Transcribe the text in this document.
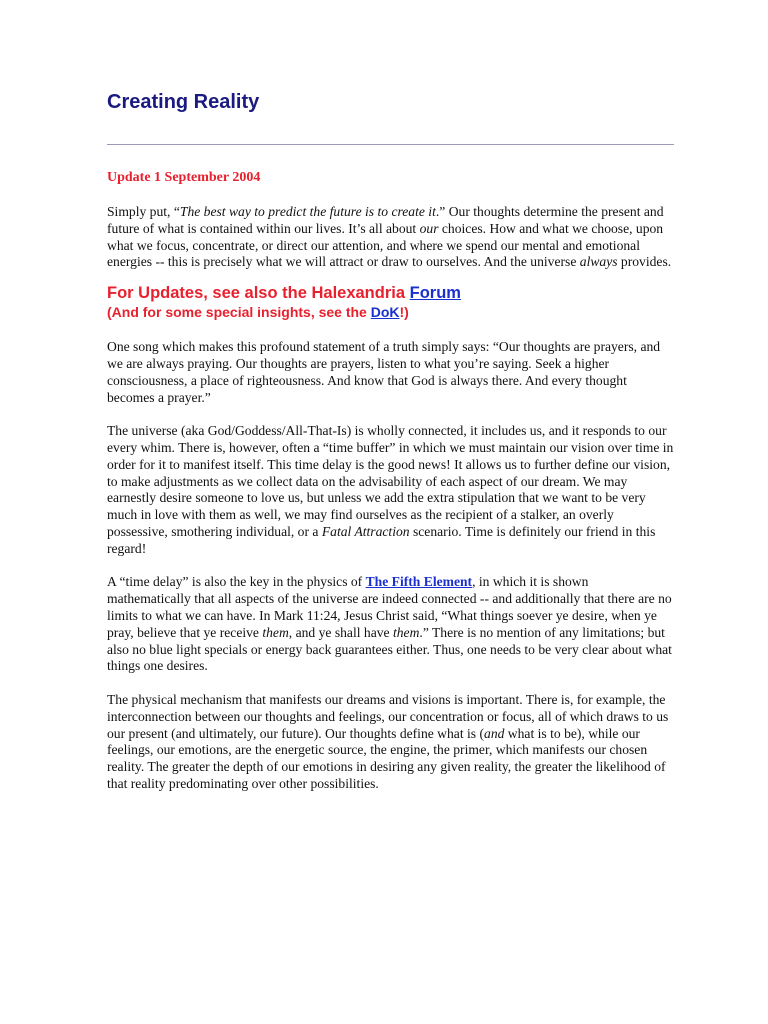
Creating Reality
Update 1 September 2004

Simply put, “The best way to predict the future is to create it.” Our thoughts determine the present and future of what is contained within our lives. It’s all about our choices. How and what we choose, upon what we focus, concentrate, or direct our attention, and where we spend our mental and emotional energies -- this is precisely what we will attract or draw to ourselves. And the universe always provides.

For Updates, see also the Halexandria Forum
(And for some special insights, see the DoK!)

One song which makes this profound statement of a truth simply says: “Our thoughts are prayers, and we are always praying. Our thoughts are prayers, listen to what you’re saying. Seek a higher consciousness, a place of righteousness. And know that God is always there. And every thought becomes a prayer.”

The universe (aka God/Goddess/All-That-Is) is wholly connected, it includes us, and it responds to our every whim. There is, however, often a “time buffer” in which we must maintain our vision over time in order for it to manifest itself. This time delay is the good news! It allows us to further define our vision, to make adjustments as we collect data on the advisability of each aspect of our dream. We may earnestly desire someone to love us, but unless we add the extra stipulation that we want to be very much in love with them as well, we may find ourselves as the recipient of a stalker, an overly possessive, smothering individual, or a Fatal Attraction scenario. Time is definitely our friend in this regard!

A “time delay” is also the key in the physics of The Fifth Element, in which it is shown mathematically that all aspects of the universe are indeed connected -- and additionally that there are no limits to what we can have. In Mark 11:24, Jesus Christ said, “What things soever ye desire, when ye pray, believe that ye receive them, and ye shall have them.” There is no mention of any limitations; but also no blue light specials or energy back guarantees either. Thus, one needs to be very clear about what things one desires.

The physical mechanism that manifests our dreams and visions is important. There is, for example, the interconnection between our thoughts and feelings, our concentration or focus, all of which draws to us our present (and ultimately, our future). Our thoughts define what is (and what is to be), while our feelings, our emotions, are the energetic source, the engine, the primer, which manifests our chosen reality. The greater the depth of our emotions in desiring any given reality, the greater the likelihood of that reality predominating over other possibilities.
